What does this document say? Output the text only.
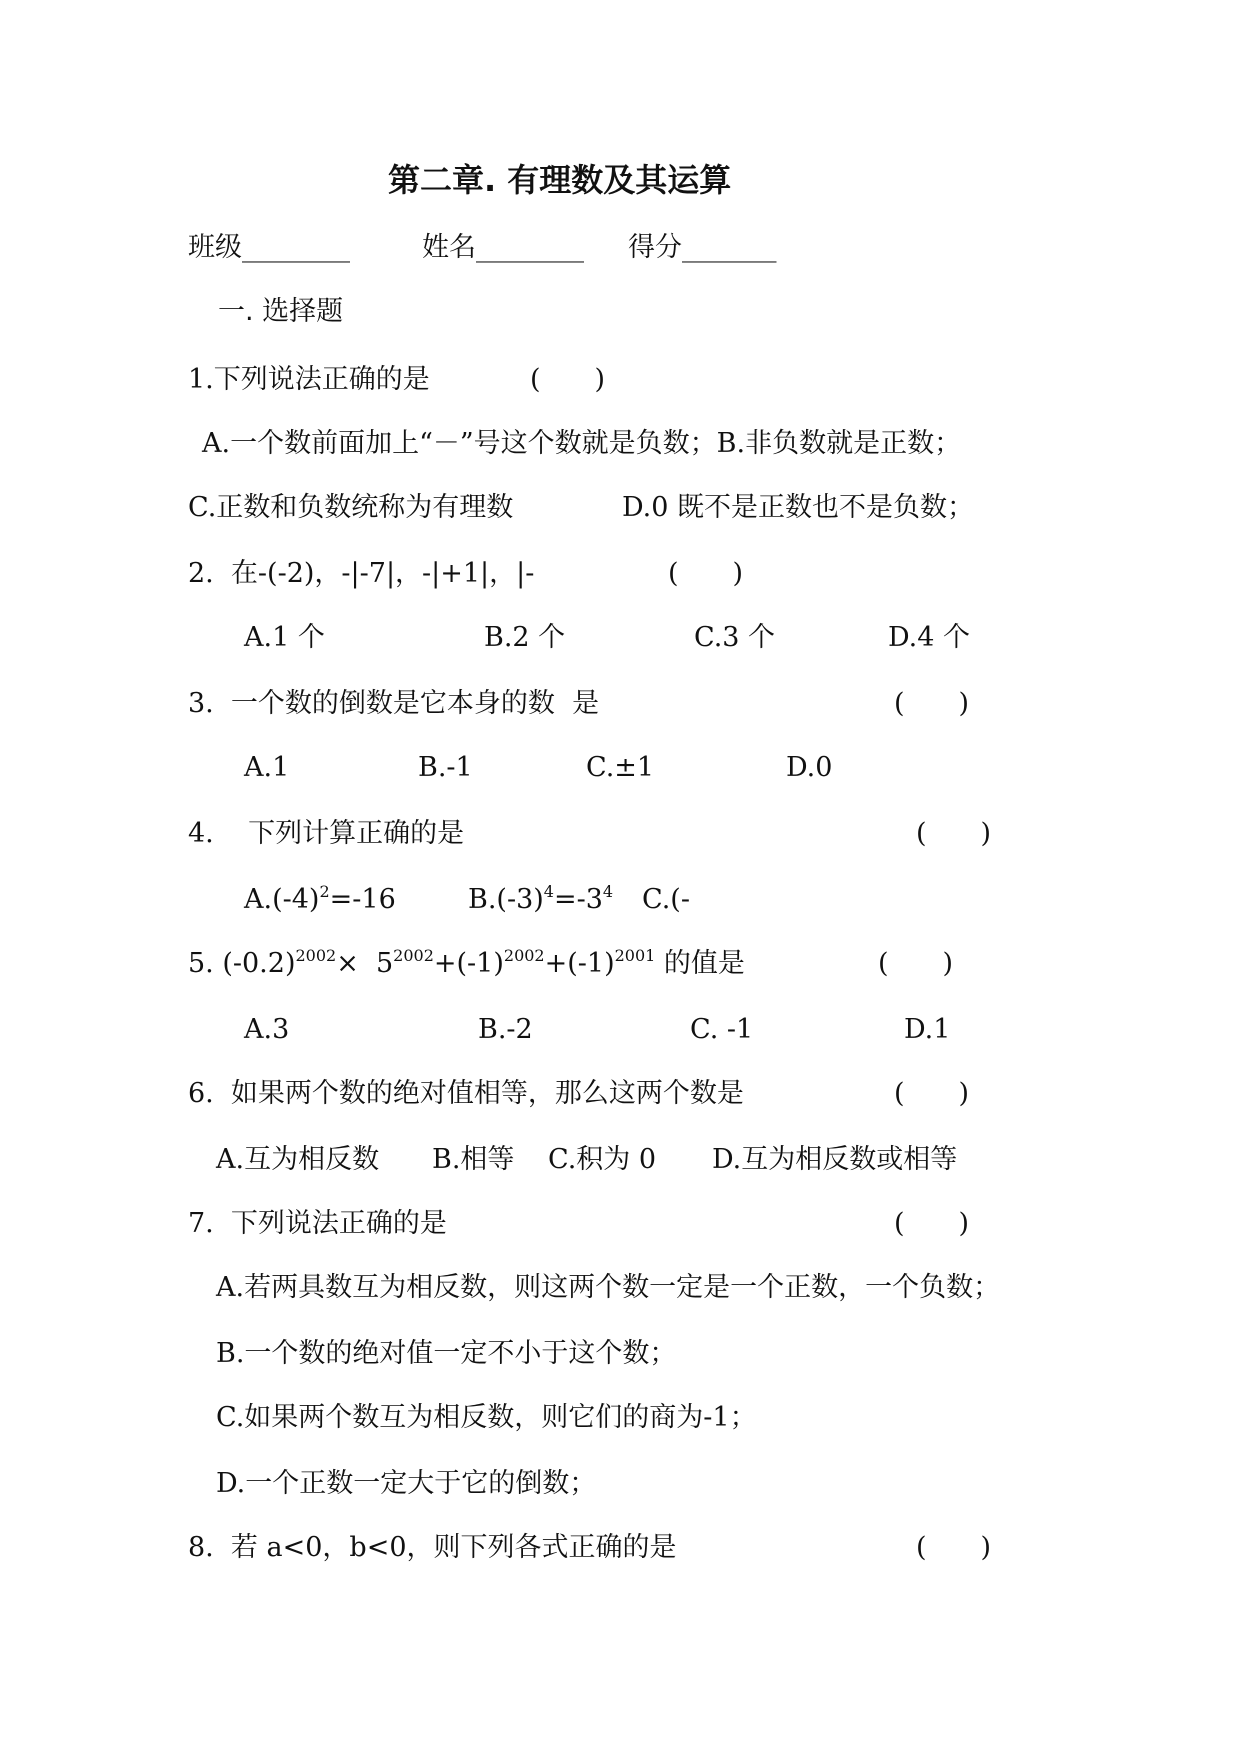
第二章. 有理数及其运算
班级________	姓名________ 得分_______
一. 选择题
1.下列说法正确的是	(　　)
A.一个数前面加上“－”号这个数就是负数；B.非负数就是正数；
C.正数和负数统称为有理数	D.0 既不是正数也不是负数；
2.  在-(-2)，-|-7|，-|+1|，|-	(　　)
A.1 个	B.2 个	C.3 个	D.4 个
3.  一个数的倒数是它本身的数  是	(　　)
A.1	B.-1	C.±1	D.0
4.    下列计算正确的是	(　　)
$A.(-4)^2=-16$	$B.(-3)^4=-3^4$ C.(-
5. $(-0.2)^{2002}\times 5^{2002}+(-1)^{2002}+(-1)^{2001}$ 的值是	(　　)
A.3	B.-2	C. -1	D.1
6.  如果两个数的绝对值相等，那么这两个数是	(　　)
A.互为相反数 B.相等 C.积为 0 D.互为相反数或相等
7.  下列说法正确的是	(　　)
A.若两具数互为相反数，则这两个数一定是一个正数，一个负数；
B.一个数的绝对值一定不小于这个数；
C.如果两个数互为相反数，则它们的商为-1；
D.一个正数一定大于它的倒数；
8.  若 a<0，b<0，则下列各式正确的是	(　　)
